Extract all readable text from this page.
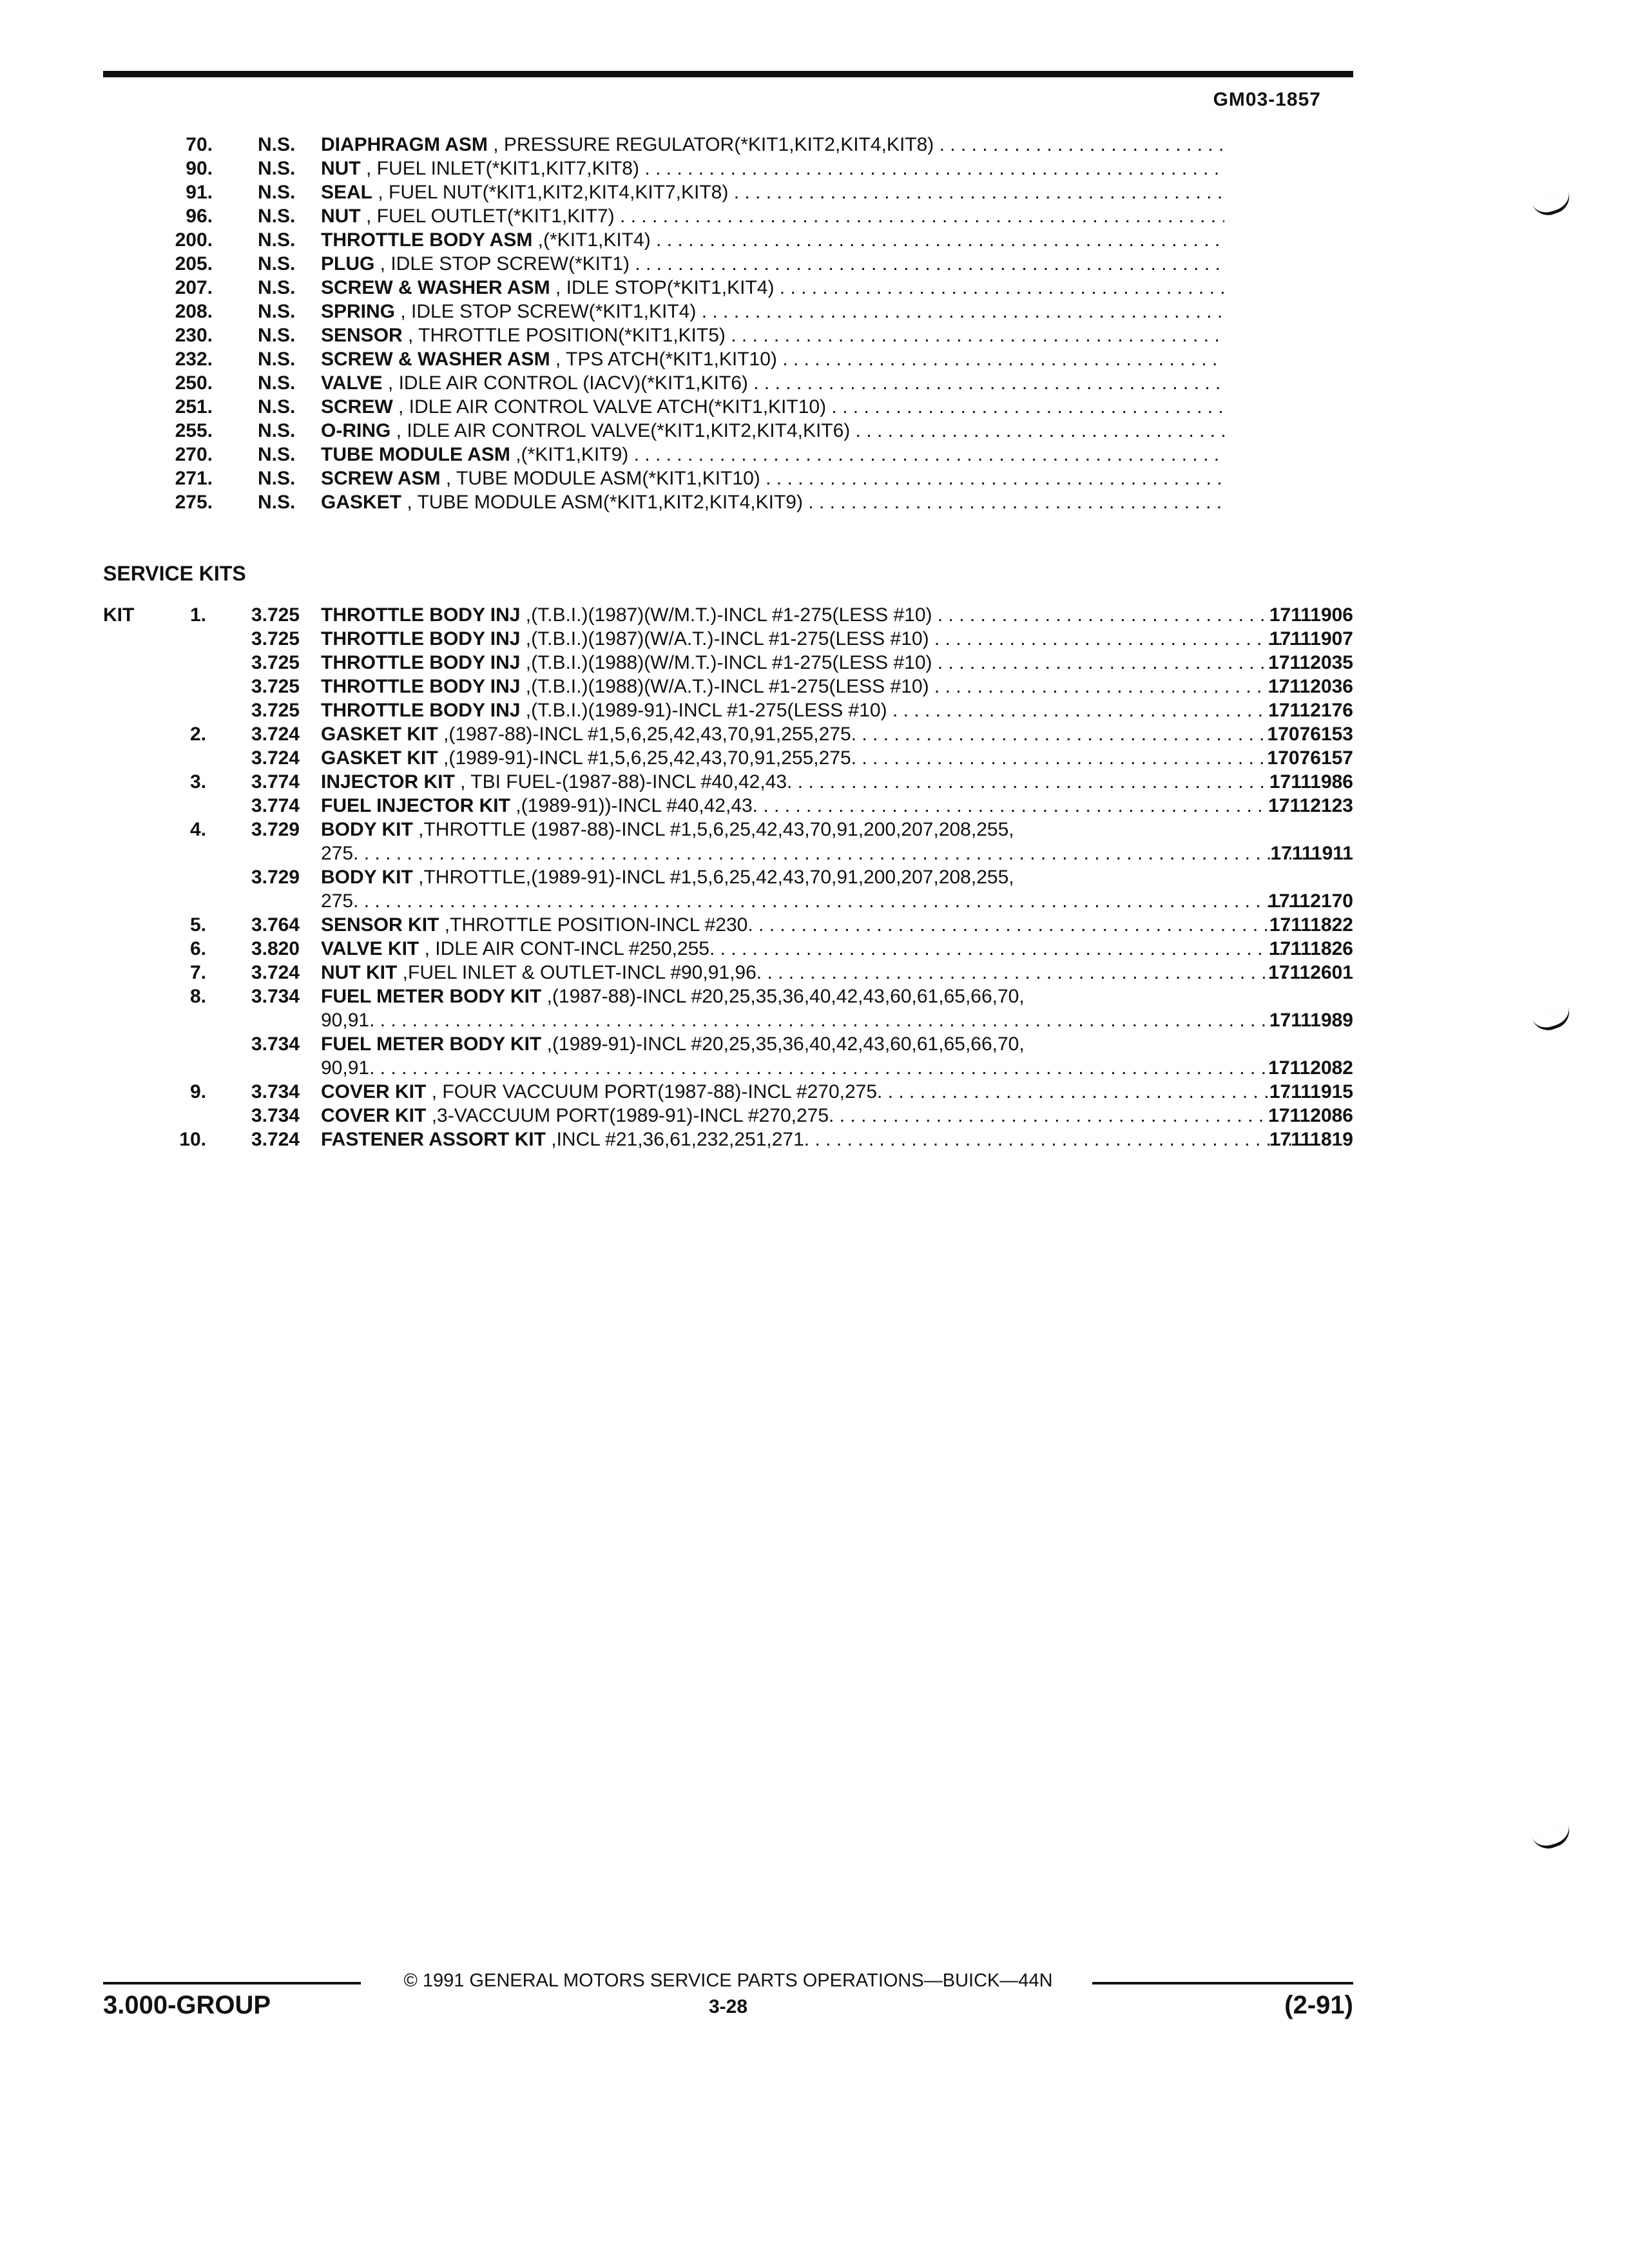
GM03-1857
70. N.S.	DIAPHRAGM ASM , PRESSURE REGULATOR(*KIT1,KIT2,KIT4,KIT8) . . .
90. N.S.	NUT , FUEL INLET(*KIT1,KIT7,KIT8) . . .
91. N.S.	SEAL , FUEL NUT(*KIT1,KIT2,KIT4,KIT7,KIT8) . . .
96. N.S.	NUT , FUEL OUTLET(*KIT1,KIT7) . . .
200. N.S.	THROTTLE BODY ASM ,(*KIT1,KIT4) . . .
205. N.S.	PLUG , IDLE STOP SCREW(*KIT1) . . .
207. N.S.	SCREW & WASHER ASM , IDLE STOP(*KIT1,KIT4) . . .
208. N.S.	SPRING , IDLE STOP SCREW(*KIT1,KIT4) . . .
230. N.S.	SENSOR , THROTTLE POSITION(*KIT1,KIT5) . . .
232. N.S.	SCREW & WASHER ASM , TPS ATCH(*KIT1,KIT10) . . .
250. N.S.	VALVE , IDLE AIR CONTROL (IACV)(*KIT1,KIT6) . . .
251. N.S.	SCREW , IDLE AIR CONTROL VALVE ATCH(*KIT1,KIT10) . . .
255. N.S.	O-RING , IDLE AIR CONTROL VALVE(*KIT1,KIT2,KIT4,KIT6) . . .
270. N.S.	TUBE MODULE ASM ,(*KIT1,KIT9) . . .
271. N.S.	SCREW ASM , TUBE MODULE ASM(*KIT1,KIT10) . . .
275. N.S.	GASKET , TUBE MODULE ASM(*KIT1,KIT2,KIT4,KIT9) . . .
SERVICE KITS
KIT	1.	3.725 THROTTLE BODY INJ ,(T.B.I.)(1987)(W/M.T.)-INCL #1-275(LESS #10) . . .	17111906
3.725 THROTTLE BODY INJ ,(T.B.I.)(1987)(W/A.T.)-INCL #1-275(LESS #10) . . .	17111907
3.725 THROTTLE BODY INJ ,(T.B.I.)(1988)(W/M.T.)-INCL #1-275(LESS #10) . . .	17112035
3.725 THROTTLE BODY INJ ,(T.B.I.)(1988)(W/A.T.)-INCL #1-275(LESS #10) . . .	17112036
3.725 THROTTLE BODY INJ ,(T.B.I.)(1989-91)-INCL #1-275(LESS #10) . . .	17112176
2.	3.724 GASKET KIT ,(1987-88)-INCL #1,5,6,25,42,43,70,91,255,275. . . .	17076153
3.724 GASKET KIT ,(1989-91)-INCL #1,5,6,25,42,43,70,91,255,275. . . .	17076157
3.	3.774 INJECTOR KIT , TBI FUEL-(1987-88)-INCL #40,42,43. . . .	17111986
3.774 FUEL INJECTOR KIT ,(1989-91))-INCL #40,42,43. . . .	17112123
4.	3.729 BODY KIT ,THROTTLE (1987-88)-INCL #1,5,6,25,42,43,70,91,200,207,208,255,
275. . . .	17111911
3.729 BODY KIT ,THROTTLE,(1989-91)-INCL #1,5,6,25,42,43,70,91,200,207,208,255,
275. . . .	17112170
5.	3.764 SENSOR KIT ,THROTTLE POSITION-INCL #230. . . .	17111822
6.	3.820 VALVE KIT , IDLE AIR CONT-INCL #250,255. . . .	17111826
7.	3.724 NUT KIT ,FUEL INLET & OUTLET-INCL #90,91,96. . . .	17112601
8.	3.734 FUEL METER BODY KIT ,(1987-88)-INCL #20,25,35,36,40,42,43,60,61,65,66,70,
90,91. . . .	17111989
3.734 FUEL METER BODY KIT ,(1989-91)-INCL #20,25,35,36,40,42,43,60,61,65,66,70,
90,91. . . .	17112082
9.	3.734 COVER KIT , FOUR VACCUUM PORT(1987-88)-INCL #270,275. . . .	17111915
3.734 COVER KIT ,3-VACCUUM PORT(1989-91)-INCL #270,275. . . .	17112086
10.	3.724 FASTENER ASSORT KIT ,INCL #21,36,61,232,251,271. . . .	17111819
© 1991 GENERAL MOTORS SERVICE PARTS OPERATIONS—BUICK—44N
3.000-GROUP	3-28	(2-91)
